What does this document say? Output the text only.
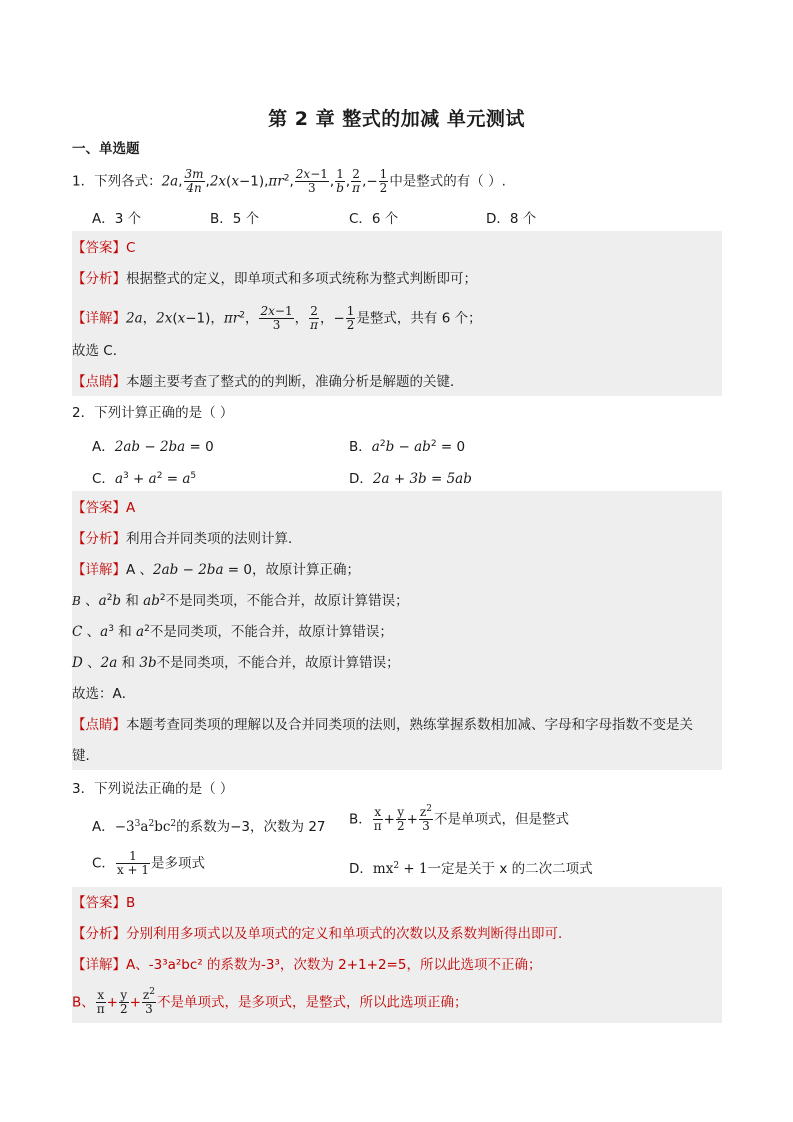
第 2 章 整式的加减 单元测试
一、单选题
1．下列各式：2a, $\frac{3m}{4n} ,2x(x-1),\pi r^2$, $\frac{2x-1}{3}$ , $\frac{1}{b}$ , $\frac{2}{\pi}$ ,− $\frac{1}{2}$ 中是整式的有（ ）.
A．3 个	B．5 个	C．6 个	D．8 个
【答案】C
【分析】根据整式的定义，即单项式和多项式统称为整式判断即可；
【详解】2a，2x(x−1)，$\pi r^2$， $\frac{2x-1}{3}$ ， $\frac{2}{\pi}$ ，− $\frac{1}{2}$ 是整式，共有 6 个；
故选 C．
【点睛】本题主要考查了整式的的判断，准确分析是解题的关键．
2．下列计算正确的是（ ）
A．2ab − 2ba = 0	B．$a^2b - ab^2 = 0$
C．$a^3 + a^2 = a^5$	D．2a + 3b = 5ab
【答案】A
【分析】利用合并同类项的法则计算．
【详解】A 、2ab − 2ba = 0，故原计算正确；
B 、$a^2b$ 和 $ab^2$不是同类项，不能合并，故原计算错误；
C 、$a^3$ 和 $a^2$不是同类项，不能合并，故原计算错误；
D 、2a 和 3b不是同类项，不能合并，故原计算错误；
故选：A．
【点睛】本题考查同类项的理解以及合并同类项的法则，熟练掌握系数相加减、字母和字母指数不变是关
键．
3．下列说法正确的是（ ）
A．$-3^3a^2bc^2$的系数为−3，次数为 27 B． $\frac{x}{\pi} + \frac{y}{2} + \frac{z^2}{3}$ 不是单项式，但是整式
C． $\frac{1}{x + 1}$ 是多项式	D．$mx^2 + 1$一定是关于 x 的二次二项式
【答案】B
【分析】分别利用多项式以及单项式的定义和单项式的次数以及系数判断得出即可．
【详解】A、-3³a²bc² 的系数为-3³，次数为 2+1+2=5，所以此选项不正确；
B、 $\frac{x}{\pi} + \frac{y}{2} + \frac{z^2}{3}$ 不是单项式，是多项式，是整式，所以此选项正确；
